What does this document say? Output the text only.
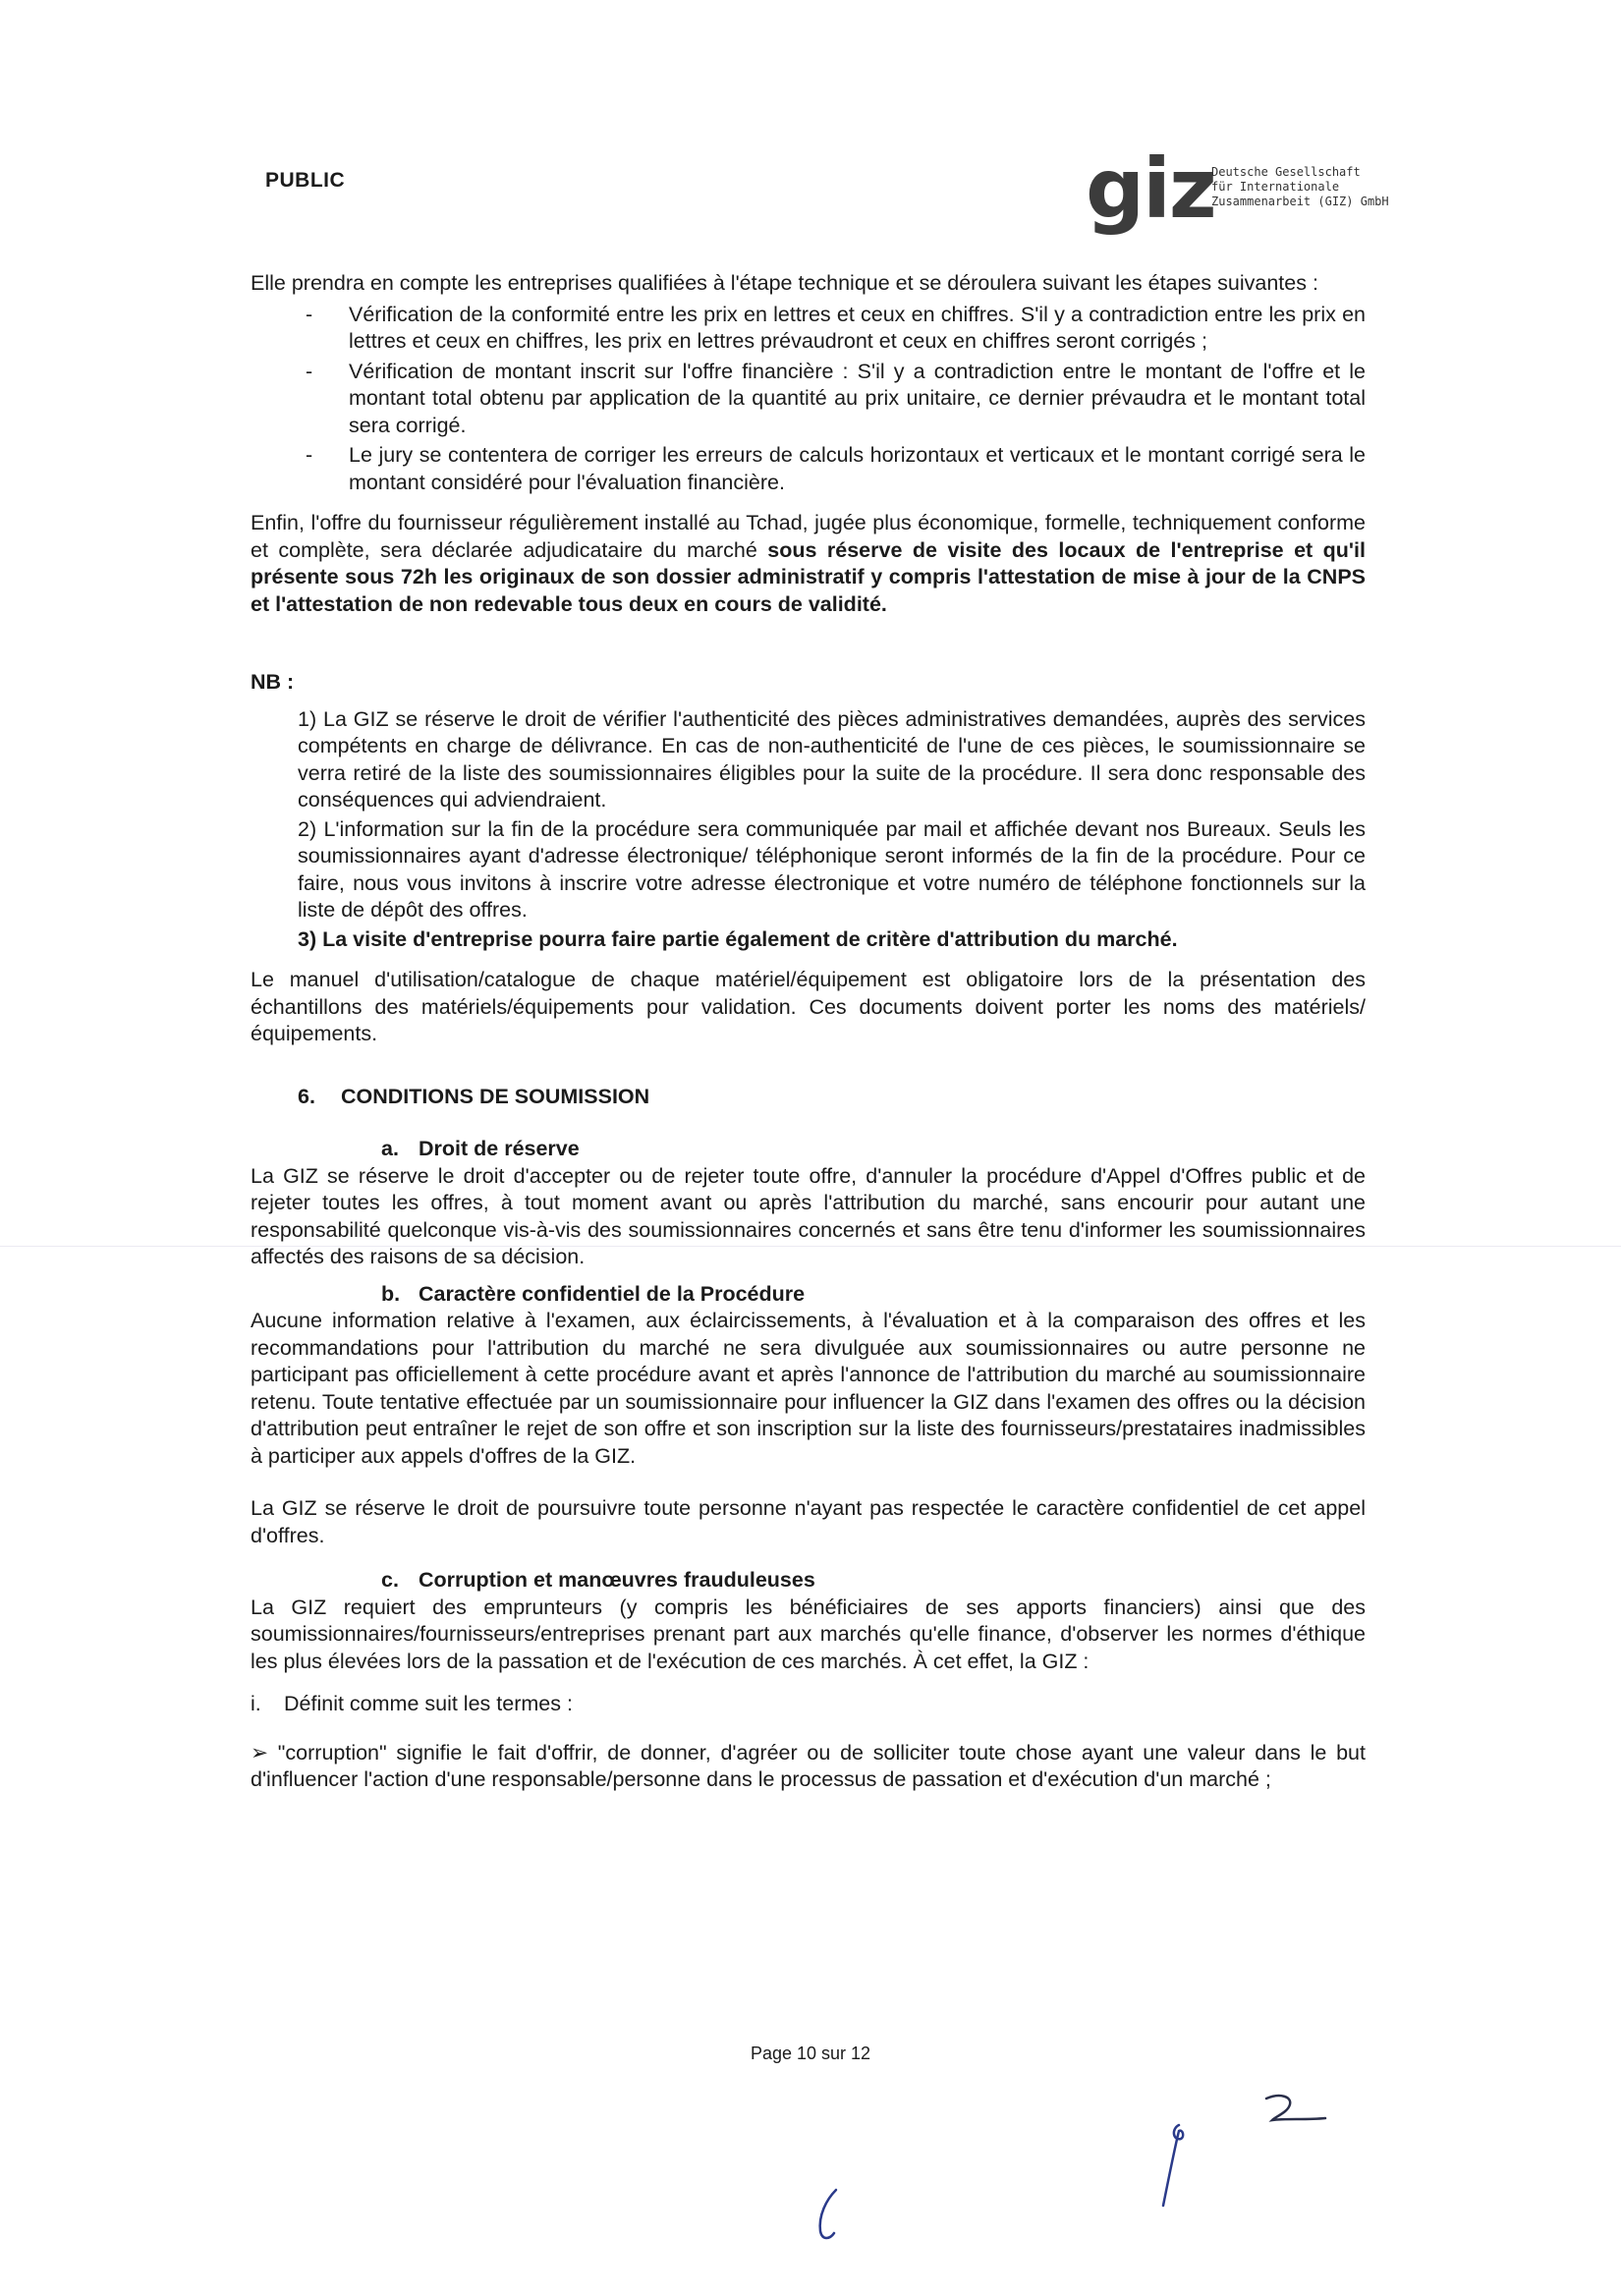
PUBLIC	giz
Deutsche Gesellschaft
für Internationale
Zusammenarbeit (GIZ) GmbH

Elle prendra en compte les entreprises qualifiées à l'étape technique et se déroulera suivant les étapes suivantes :

- Vérification de la conformité entre les prix en lettres et ceux en chiffres. S'il y a contradiction entre les prix en lettres et ceux en chiffres, les prix en lettres prévaudront et ceux en chiffres seront corrigés ;
- Vérification de montant inscrit sur l'offre financière : S'il y a contradiction entre le montant de l'offre et le montant total obtenu par application de la quantité au prix unitaire, ce dernier prévaudra et le montant total sera corrigé.
- Le jury se contentera de corriger les erreurs de calculs horizontaux et verticaux et le montant corrigé sera le montant considéré pour l'évaluation financière.

Enfin, l'offre du fournisseur régulièrement installé au Tchad, jugée plus économique, formelle, techniquement conforme et complète, sera déclarée adjudicataire du marché sous réserve de visite des locaux de l'entreprise et qu'il présente sous 72h les originaux de son dossier administratif y compris l'attestation de mise à jour de la CNPS et l'attestation de non redevable tous deux en cours de validité.

NB :

1) La GIZ se réserve le droit de vérifier l'authenticité des pièces administratives demandées, auprès des services compétents en charge de délivrance. En cas de non-authenticité de l'une de ces pièces, le soumissionnaire se verra retiré de la liste des soumissionnaires éligibles pour la suite de la procédure. Il sera donc responsable des conséquences qui adviendraient.

2) L'information sur la fin de la procédure sera communiquée par mail et affichée devant nos Bureaux. Seuls les soumissionnaires ayant d'adresse électronique/ téléphonique seront informés de la fin de la procédure. Pour ce faire, nous vous invitons à inscrire votre adresse électronique et votre numéro de téléphone fonctionnels sur la liste de dépôt des offres.

3) La visite d'entreprise pourra faire partie également de critère d'attribution du marché.

Le manuel d'utilisation/catalogue de chaque matériel/équipement est obligatoire lors de la présentation des échantillons des matériels/équipements pour validation. Ces documents doivent porter les noms des matériels/équipements.

6. CONDITIONS DE SOUMISSION

a. Droit de réserve

La GIZ se réserve le droit d'accepter ou de rejeter toute offre, d'annuler la procédure d'Appel d'Offres public et de rejeter toutes les offres, à tout moment avant ou après l'attribution du marché, sans encourir pour autant une responsabilité quelconque vis-à-vis des soumissionnaires concernés et sans être tenu d'informer les soumissionnaires affectés des raisons de sa décision.

b. Caractère confidentiel de la Procédure

Aucune information relative à l'examen, aux éclaircissements, à l'évaluation et à la comparaison des offres et les recommandations pour l'attribution du marché ne sera divulguée aux soumissionnaires ou autre personne ne participant pas officiellement à cette procédure avant et après l'annonce de l'attribution du marché au soumissionnaire retenu. Toute tentative effectuée par un soumissionnaire pour influencer la GIZ dans l'examen des offres ou la décision d'attribution peut entraîner le rejet de son offre et son inscription sur la liste des fournisseurs/prestataires inadmissibles à participer aux appels d'offres de la GIZ.

La GIZ se réserve le droit de poursuivre toute personne n'ayant pas respectée le caractère confidentiel de cet appel d'offres.

c. Corruption et manœuvres frauduleuses

La GIZ requiert des emprunteurs (y compris les bénéficiaires de ses apports financiers) ainsi que des soumissionnaires/fournisseurs/entreprises prenant part aux marchés qu'elle finance, d'observer les normes d'éthique les plus élevées lors de la passation et de l'exécution de ces marchés. À cet effet, la GIZ :

i. Définit comme suit les termes :

➢ "corruption" signifie le fait d'offrir, de donner, d'agréer ou de solliciter toute chose ayant une valeur dans le but d'influencer l'action d'une responsable/personne dans le processus de passation et d'exécution d'un marché ;

Page 10 sur 12
